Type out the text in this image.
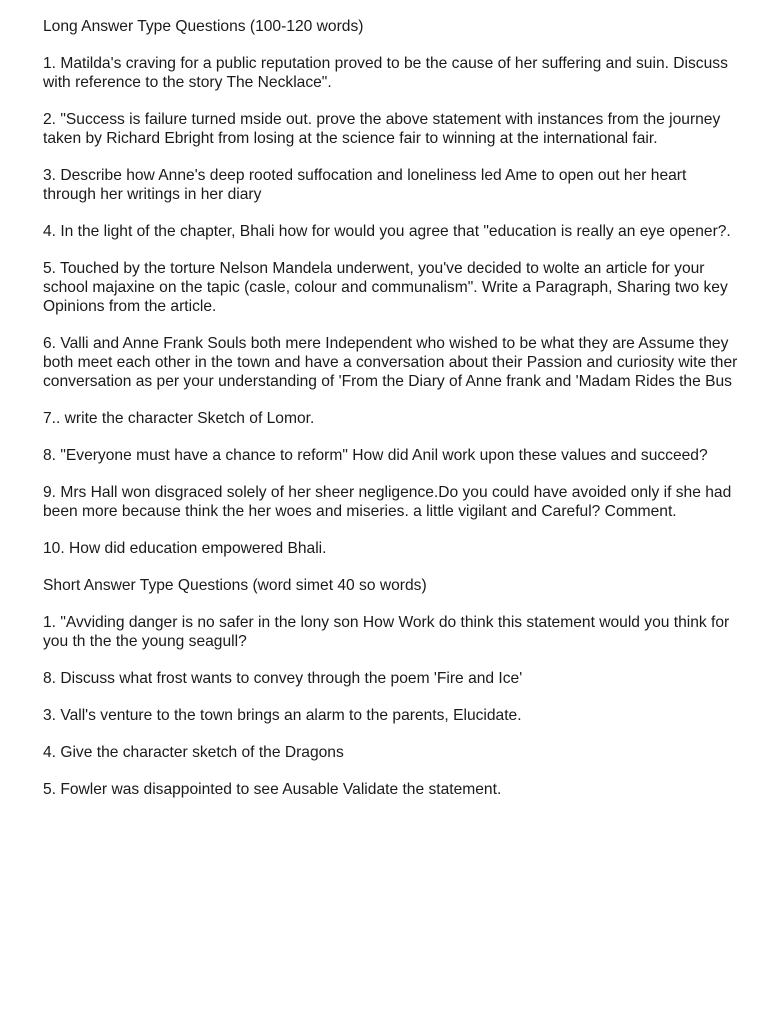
Long Answer Type Questions (100-120 words)
1. Matilda's craving for a public reputation proved to be the cause of her suffering and suin. Discuss with reference to the story The Necklace".
2. "Success is failure turned mside out. prove the above statement with instances from the journey taken by Richard Ebright from losing at the science fair to winning at the international fair.
3. Describe how Anne's deep rooted suffocation and loneliness led Ame to open out her heart through her writings in her diary
4. In the light of the chapter, Bhali how for would you agree that "education is really an eye opener?.
5. Touched by the torture Nelson Mandela underwent, you've decided to wolte an article for your school majaxine on the tapic (casle, colour and communalism". Write a Paragraph, Sharing two key Opinions from the article.
6. Valli and Anne Frank Souls both mere Independent who wished to be what they are Assume they both meet each other in the town and have a conversation about their Passion and curiosity wite ther conversation as per your understanding of 'From the Diary of Anne frank and 'Madam Rides the Bus
7.. write the character Sketch of Lomor.
8. "Everyone must have a chance to reform" How did Anil work upon these values and succeed?
9. Mrs Hall won disgraced solely of her sheer negligence.Do you could have avoided only if she had been more because think the her woes and miseries. a little vigilant and Careful? Comment.
10. How did education empowered Bhali.
Short Answer Type Questions (word simet 40 so words)
1. "Avviding danger is no safer in the lony son How Work do think this statement would you think for you th the the young seagull?
8. Discuss what frost wants to convey through the poem 'Fire and Ice'
3. Vall's venture to the town brings an alarm to the parents, Elucidate.
4. Give the character sketch of the Dragons
5. Fowler was disappointed to see Ausable Validate the statement.
